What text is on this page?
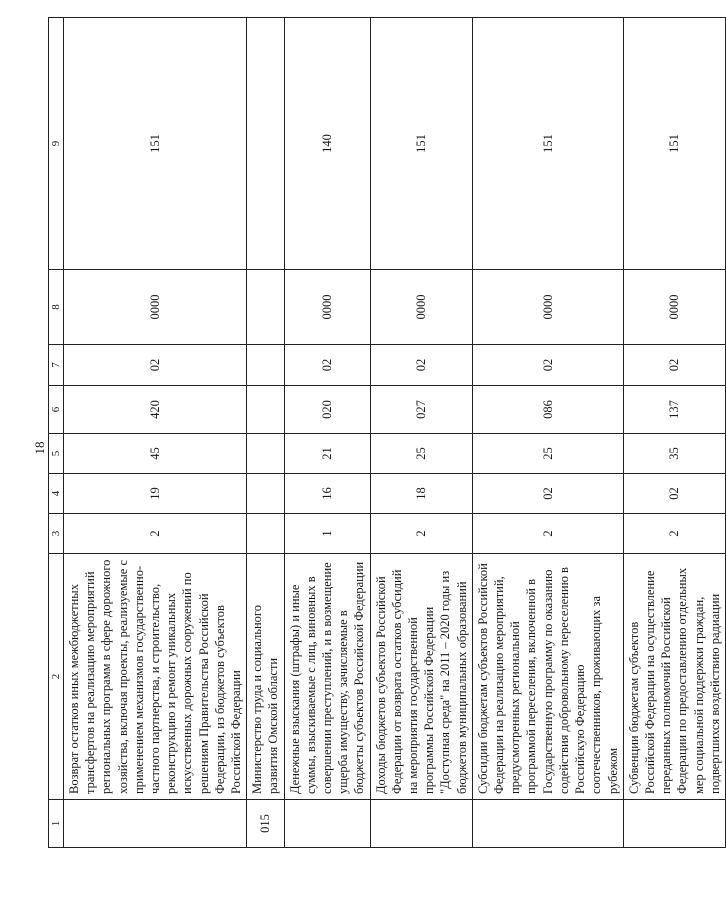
18
1	2	3	4	5	6	7	8	9
	Возврат остатков иных межбюджетных трансфертов на реализацию мероприятий региональных программ в сфере дорожного хозяйства, включая проекты, реализуемые с применением механизмов государственно-частного партнерства, и строительство, реконструкцию и ремонт уникальных искусственных дорожных сооружений по решениям Правительства Российской Федерации, из бюджетов субъектов Российской Федерации	2	19	45	420	02	0000	151
015	Министерство труда и социального развития Омской области							
	Денежные взыскания (штрафы) и иные суммы, взыскиваемые с лиц, виновных в совершении преступлений, и в возмещение ущерба имуществу, зачисляемые в бюджеты субъектов Российской Федерации	1	16	21	020	02	0000	140
	Доходы бюджетов субъектов Российской Федерации от возврата остатков субсидий на мероприятия государственной программы Российской Федерации "Доступная среда" на 2011 – 2020 годы из бюджетов муниципальных образований	2	18	25	027	02	0000	151
	Субсидии бюджетам субъектов Российской Федерации на реализацию мероприятий, предусмотренных региональной программой переселения, включенной в Государственную программу по оказанию содействия добровольному переселению в Российскую Федерацию соотечественников, проживающих за рубежом	2	02	25	086	02	0000	151
	Субвенции бюджетам субъектов Российской Федерации на осуществление переданных полномочий Российской Федерации по предоставлению отдельных мер социальной поддержки граждан, подвергшихся воздействию радиации	2	02	35	137	02	0000	151
